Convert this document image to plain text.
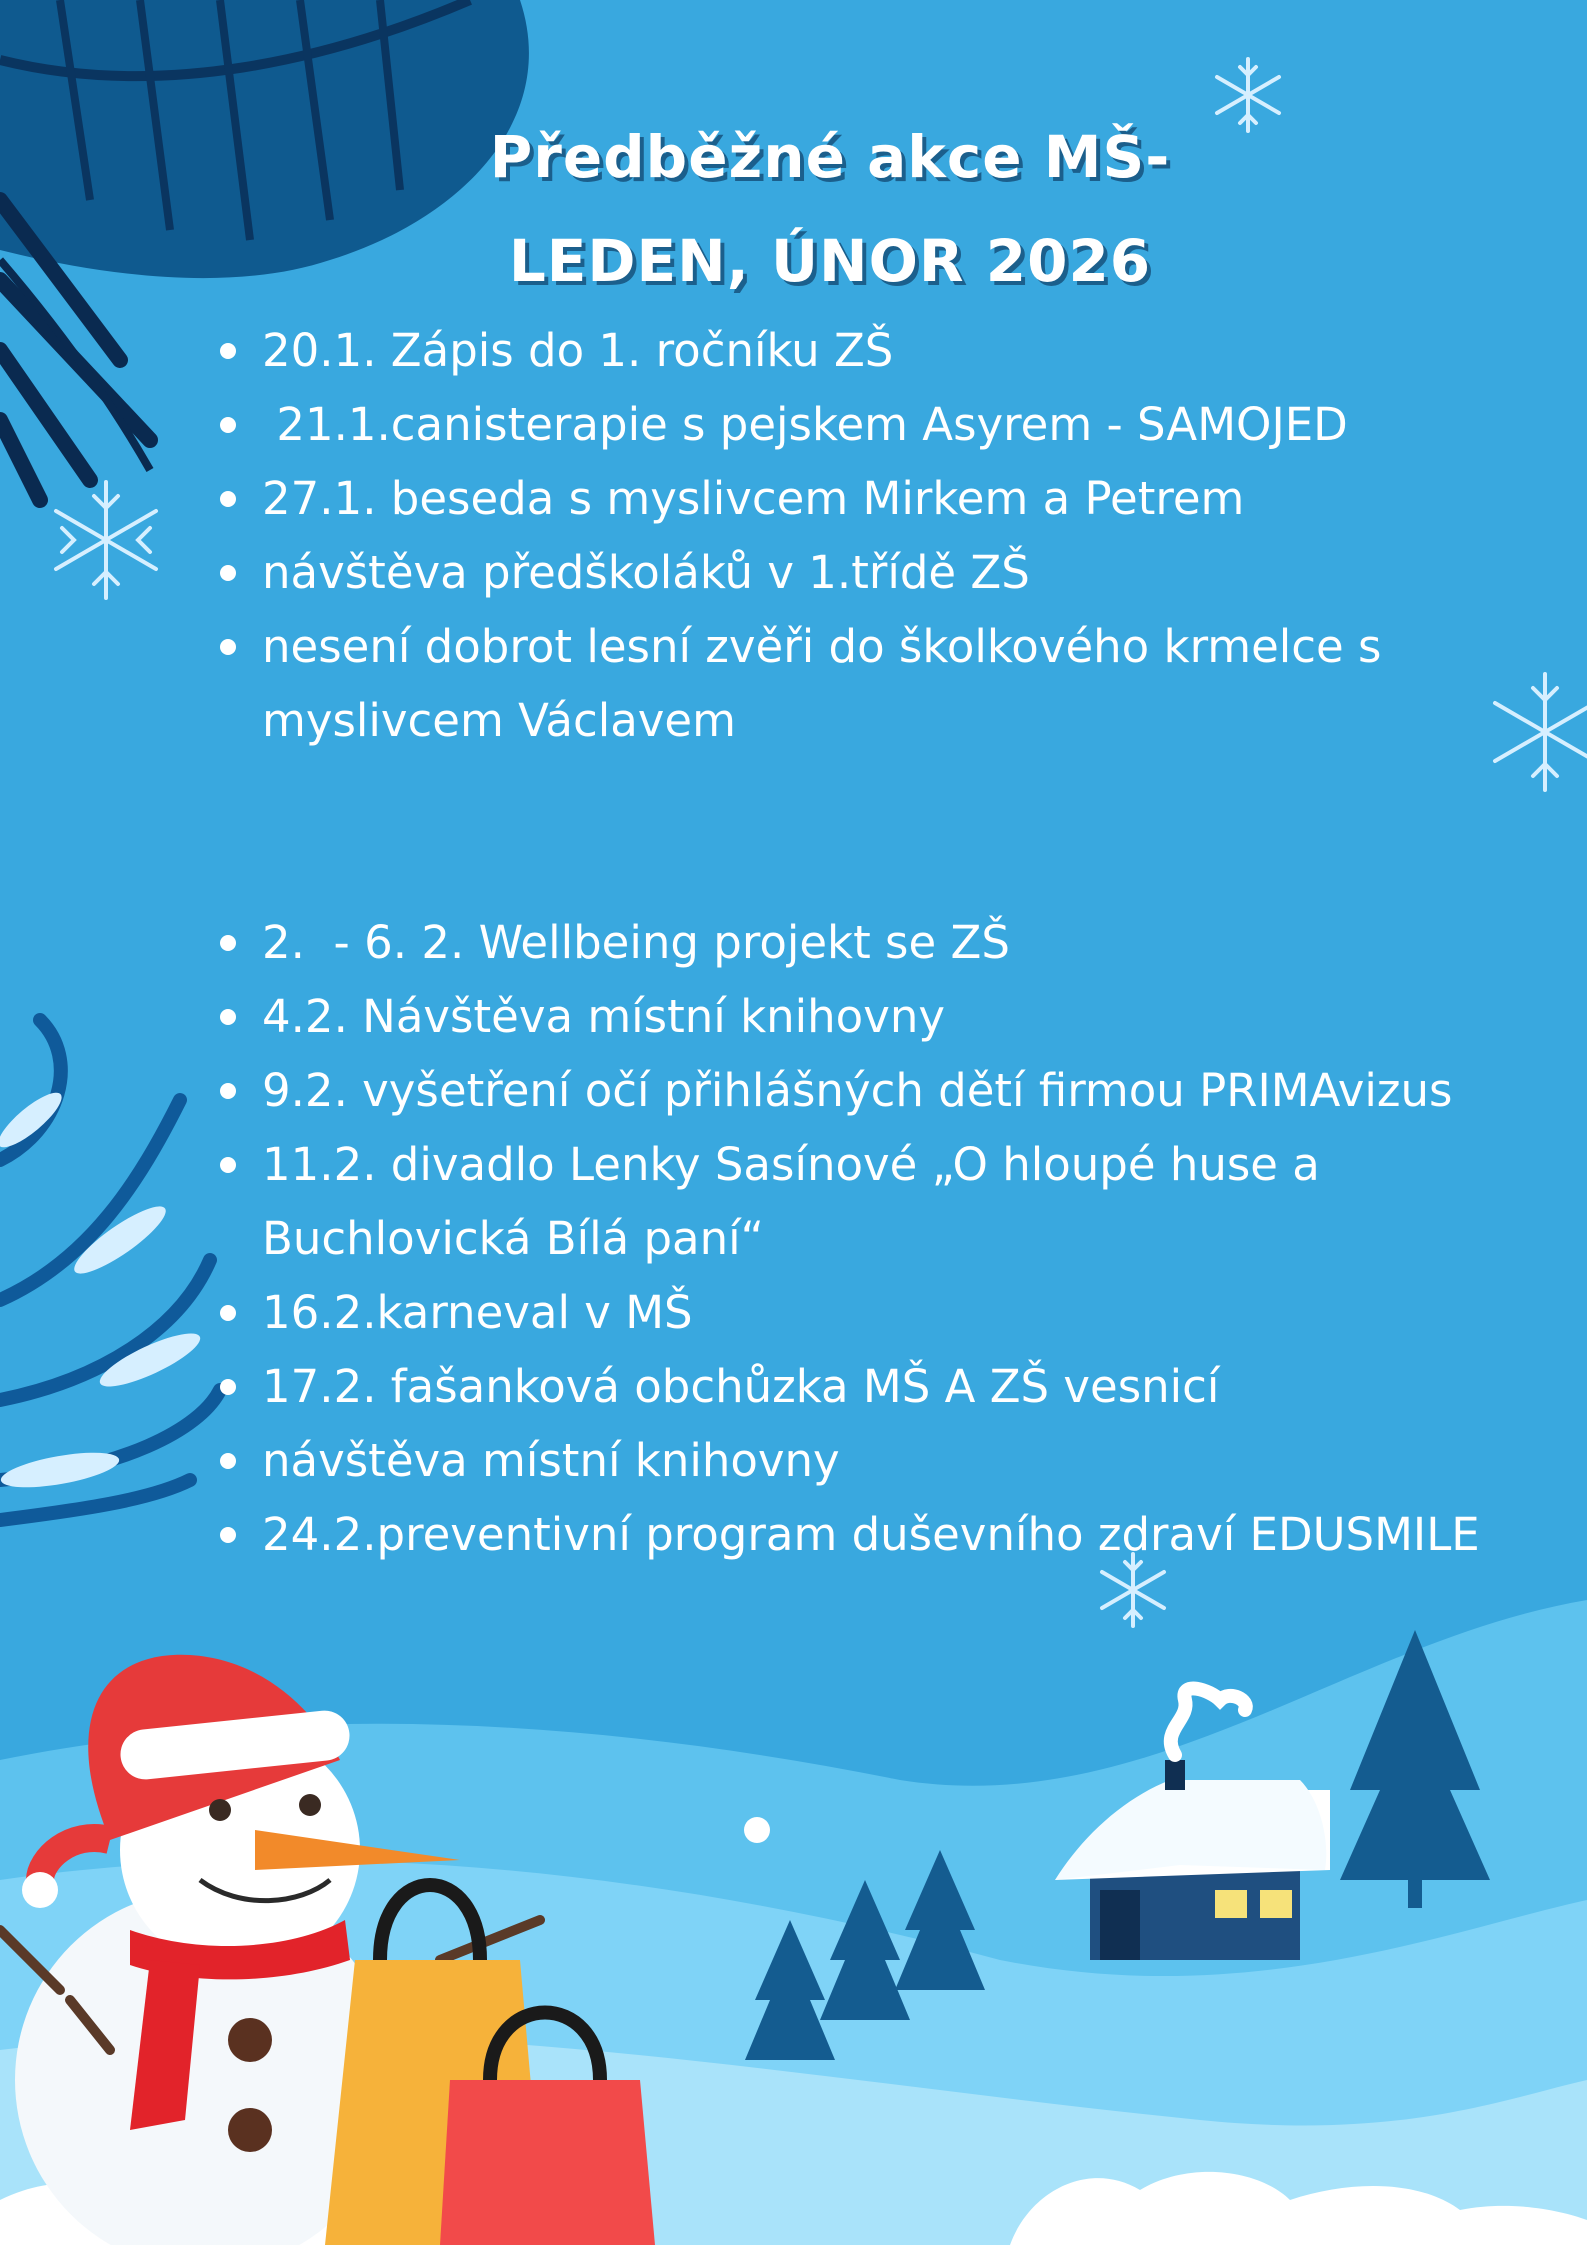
Předběžné akce MŠ-
LEDEN, ÚNOR 2026
20.1. Zápis do 1. ročníku ZŠ
21.1.canisterapie s pejskem Asyrem - SAMOJED
27.1. beseda s myslivcem Mirkem a Petrem
návštěva předškoláků v 1.třídě ZŠ
nesení dobrot lesní zvěři do školkového krmelce s myslivcem Václavem
2.  - 6. 2. Wellbeing projekt se ZŠ
4.2. Návštěva místní knihovny
9.2. vyšetření očí přihlášných dětí firmou PRIMAvizus
11.2. divadlo Lenky Sasínové „O hloupé huse a Buchlovická Bílá paní“
16.2.karneval v MŠ
17.2. fašanková obchůzka MŠ A ZŠ vesnicí
návštěva místní knihovny
24.2.preventivní program duševního zdraví EDUSMILE
